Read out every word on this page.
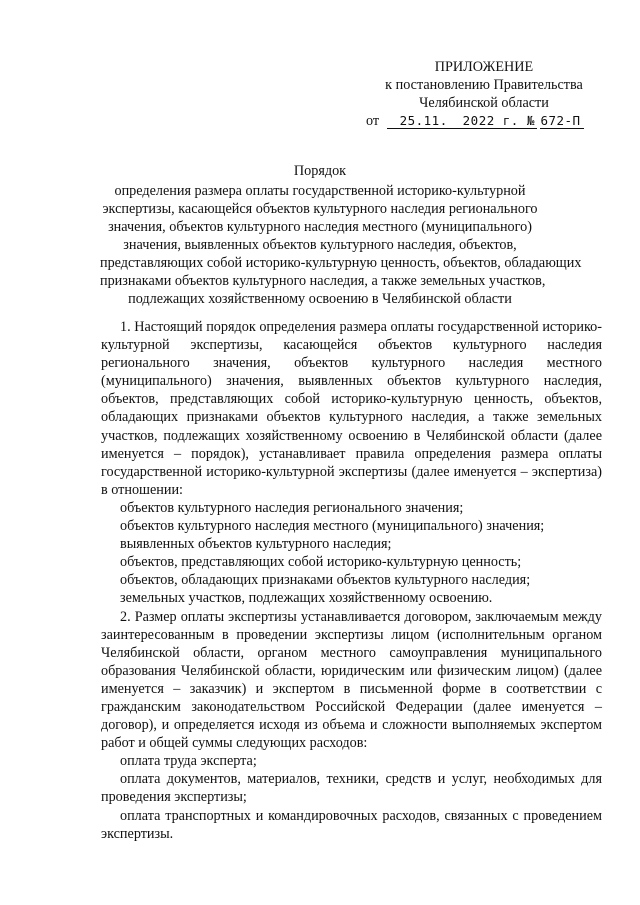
ПРИЛОЖЕНИЕ
к постановлению Правительства
Челябинской области
от 25.11. 2022 г. № 672-П
Порядок
определения размера оплаты государственной историко-культурной
экспертизы, касающейся объектов культурного наследия регионального
значения, объектов культурного наследия местного (муниципального)
значения, выявленных объектов культурного наследия, объектов,
представляющих собой историко-культурную ценность, объектов, обладающих
признаками объектов культурного наследия, а также земельных участков,
подлежащих хозяйственному освоению в Челябинской области

1. Настоящий порядок определения размера оплаты государственной историко-культурной экспертизы, касающейся объектов культурного наследия регионального значения, объектов культурного наследия местного (муниципального) значения, выявленных объектов культурного наследия, объектов, представляющих собой историко-культурную ценность, объектов, обладающих признаками объектов культурного наследия, а также земельных участков, подлежащих хозяйственному освоению в Челябинской области (далее именуется – порядок), устанавливает правила определения размера оплаты государственной историко-культурной экспертизы (далее именуется – экспертиза) в отношении:

объектов культурного наследия регионального значения;

объектов культурного наследия местного (муниципального) значения;

выявленных объектов культурного наследия;

объектов, представляющих собой историко-культурную ценность;

объектов, обладающих признаками объектов культурного наследия;

земельных участков, подлежащих хозяйственному освоению.

2. Размер оплаты экспертизы устанавливается договором, заключаемым между заинтересованным в проведении экспертизы лицом (исполнительным органом Челябинской области, органом местного самоуправления муниципального образования Челябинской области, юридическим или физическим лицом) (далее именуется – заказчик) и экспертом в письменной форме в соответствии с гражданским законодательством Российской Федерации (далее именуется – договор), и определяется исходя из объема и сложности выполняемых экспертом работ и общей суммы следующих расходов:

оплата труда эксперта;

оплата документов, материалов, техники, средств и услуг, необходимых для проведения экспертизы;

оплата транспортных и командировочных расходов, связанных с проведением экспертизы.
